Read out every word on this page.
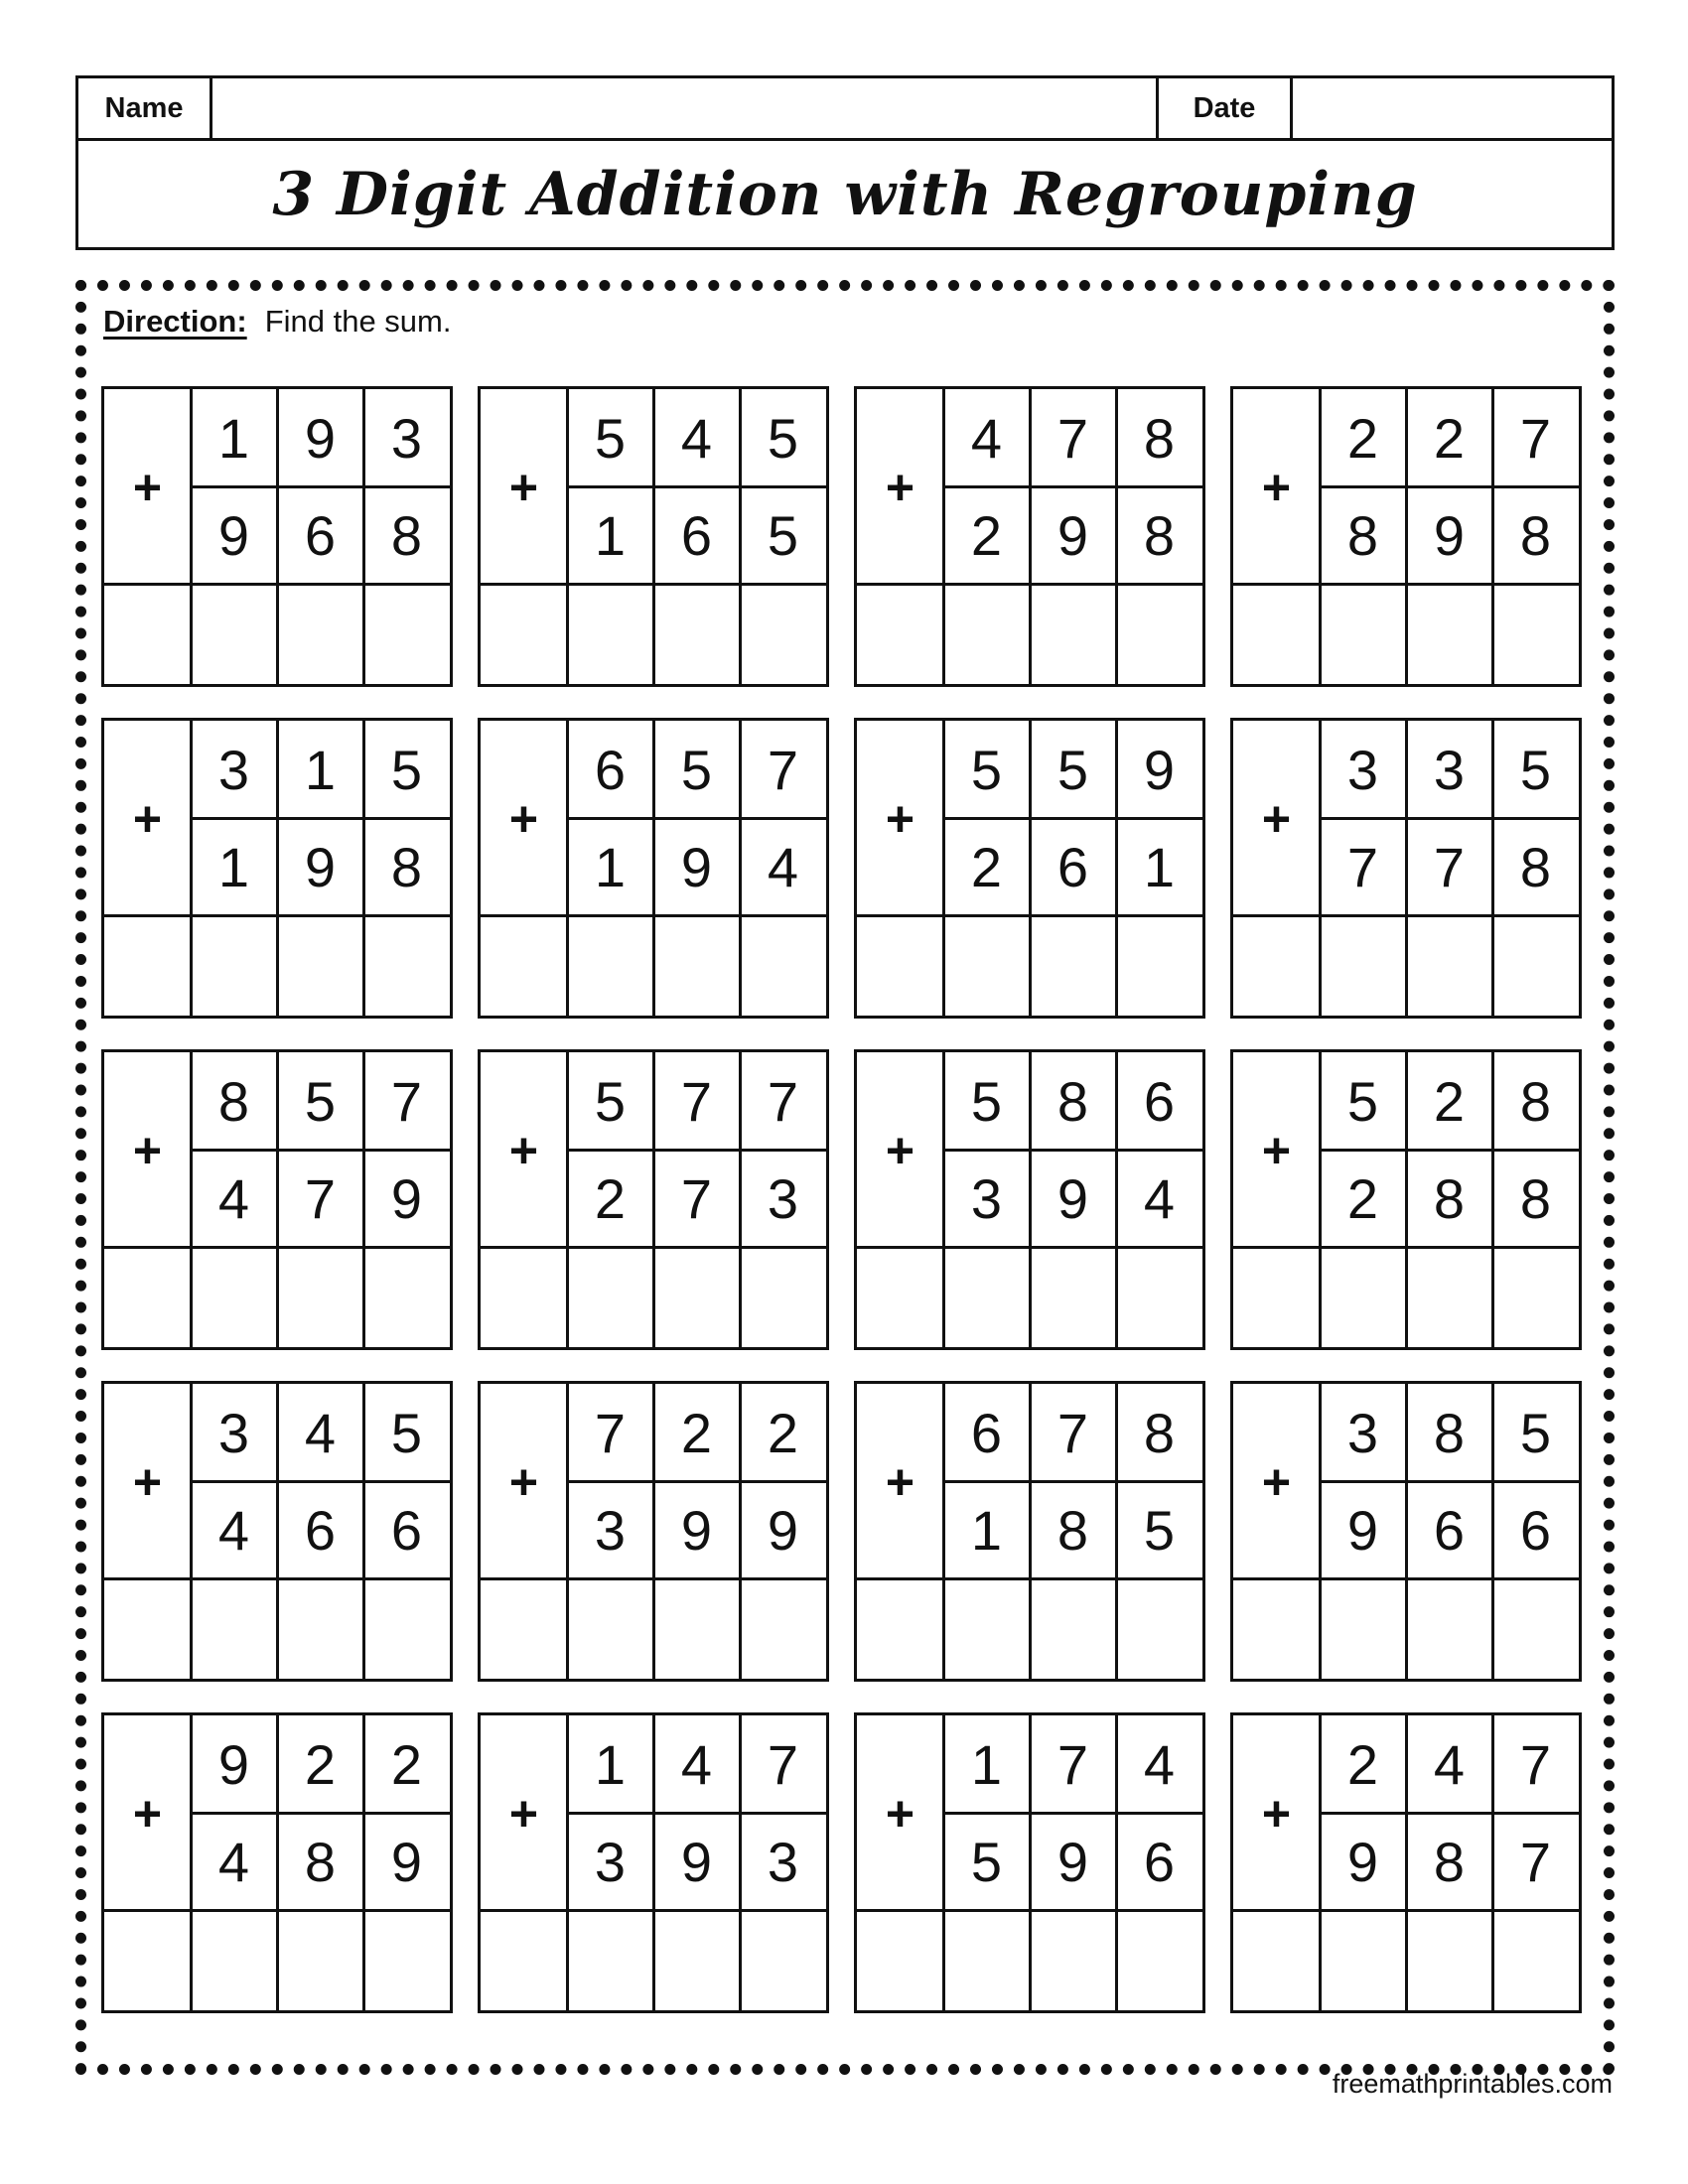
Name	Date
3 Digit Addition with Regrouping
Direction: Find the sum.
+
1 9 3
9 6 8
+
5 4 5
1 6 5
+
4 7 8
2 9 8
+
2 2 7
8 9 8
+
3 1 5
1 9 8
+
6 5 7
1 9 4
+
5 5 9
2 6 1
+
3 3 5
7 7 8
+
8 5 7
4 7 9
+
5 7 7
2 7 3
+
5 8 6
3 9 4
+
5 2 8
2 8 8
+
3 4 5
4 6 6
+
7 2 2
3 9 9
+
6 7 8
1 8 5
+
3 8 5
9 6 6
+
9 2 2
4 8 9
+
1 4 7
3 9 3
+
1 7 4
5 9 6
+
2 4 7
9 8 7
freemathprintables.com
